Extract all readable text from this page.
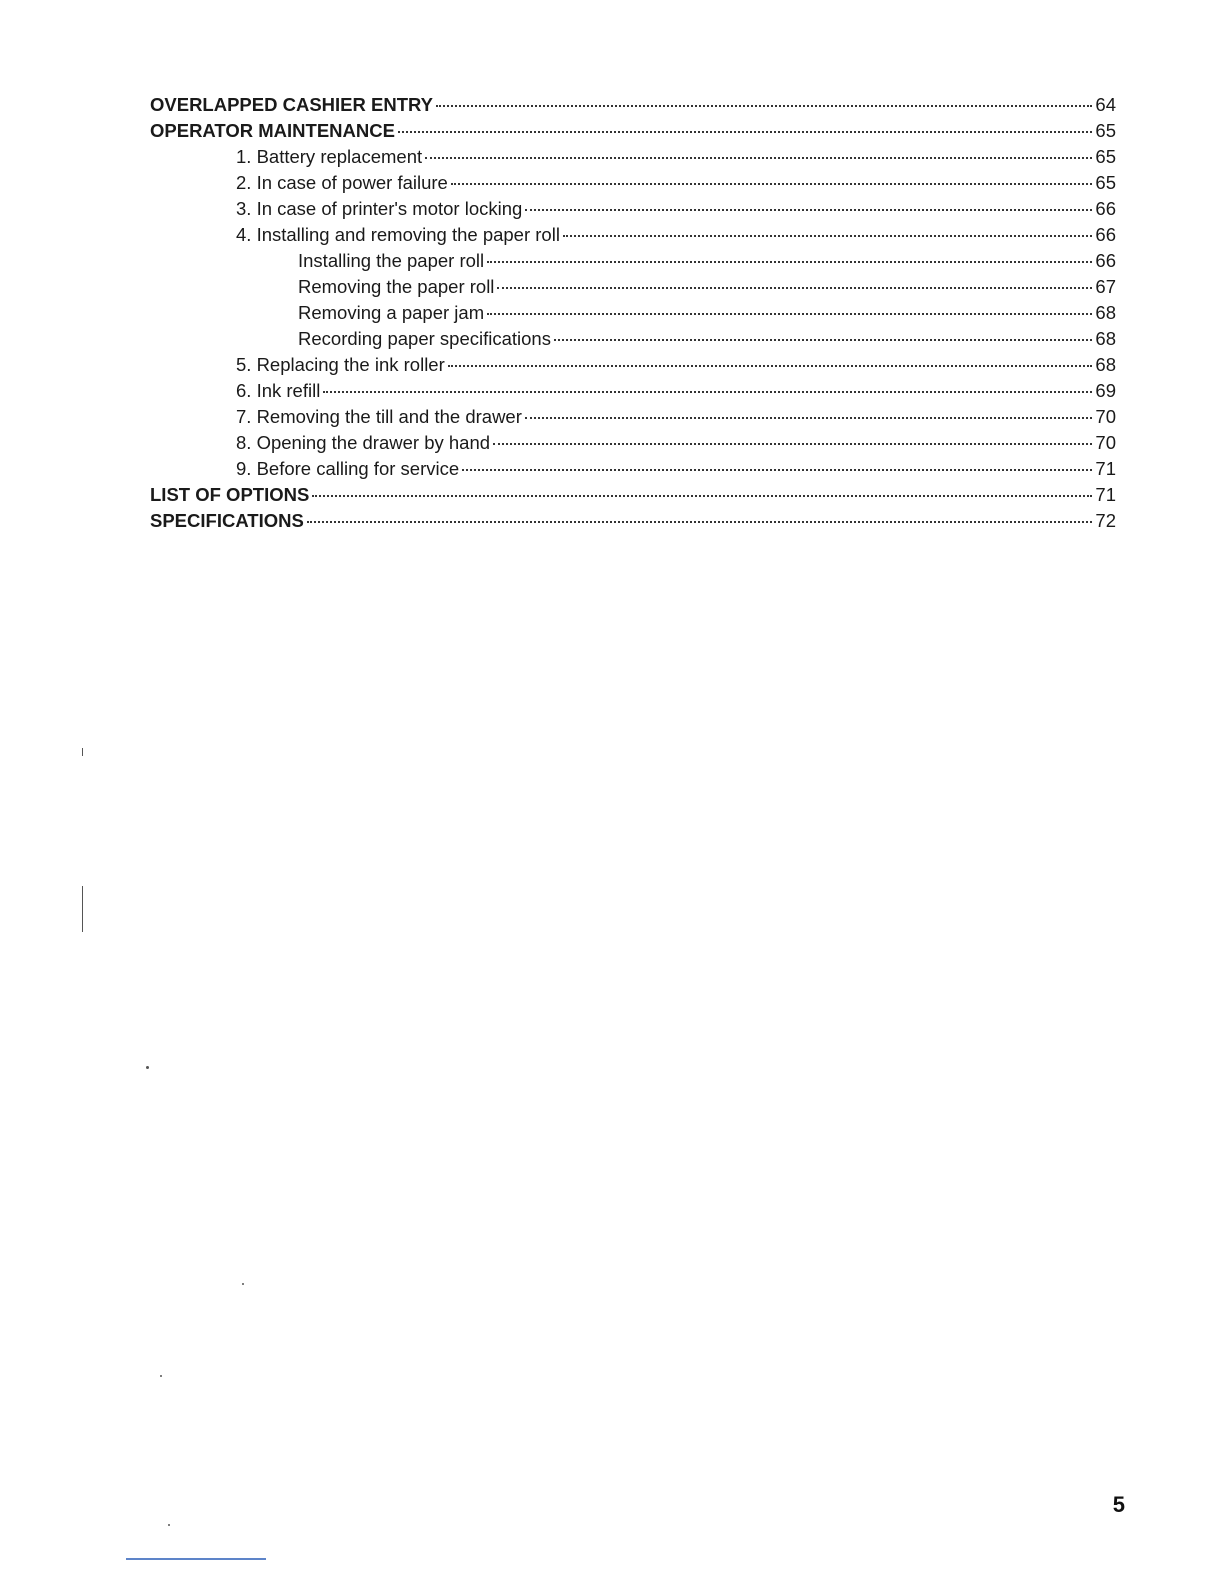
OVERLAPPED CASHIER ENTRY	64
OPERATOR MAINTENANCE	65
1. Battery replacement	65
2. In case of power failure	65
3. In case of printer's motor locking	66
4. Installing and removing the paper roll	66
Installing the paper roll	66
Removing the paper roll	67
Removing a paper jam	68
Recording paper specifications	68
5. Replacing the ink roller	68
6. Ink refill	69
7. Removing the till and the drawer	70
8. Opening the drawer by hand	70
9. Before calling for service	71
LIST OF OPTIONS	71
SPECIFICATIONS	72
5
